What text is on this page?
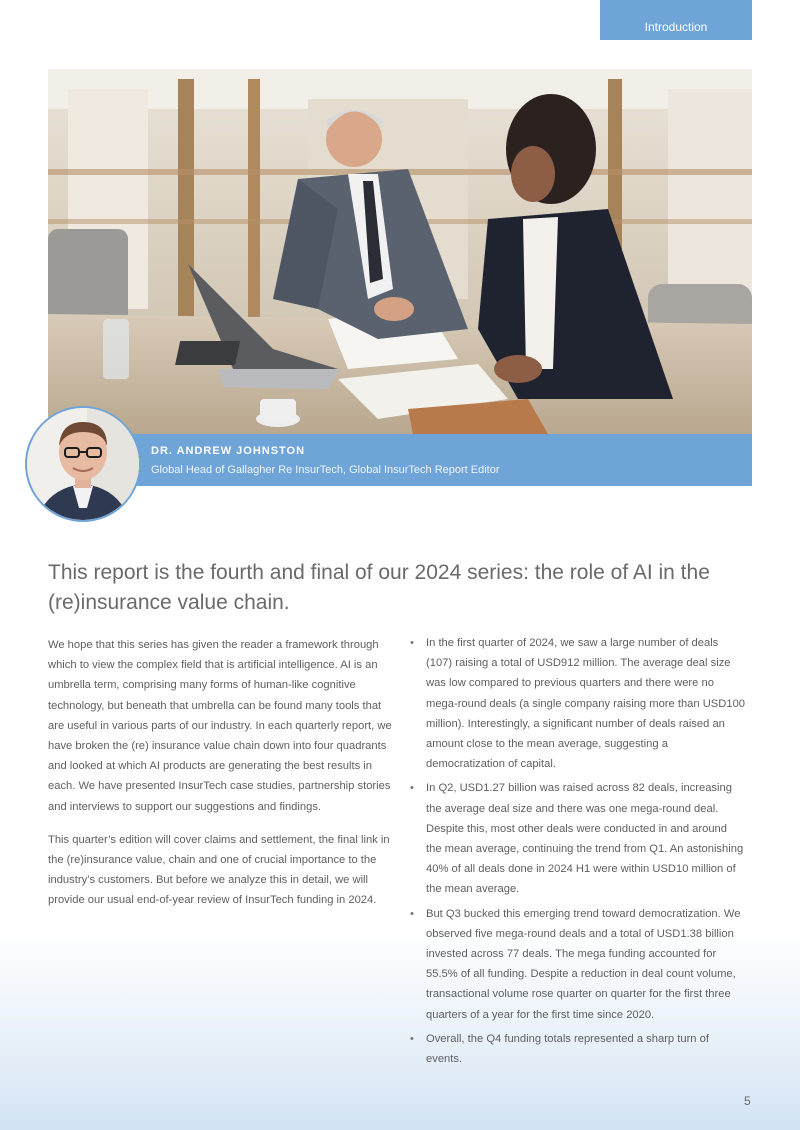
Introduction
DR. ANDREW JOHNSTON
Global Head of Gallagher Re InsurTech, Global InsurTech Report Editor
This report is the fourth and final of our 2024 series: the role of AI in the (re)insurance value chain.

We hope that this series has given the reader a framework through which to view the complex field that is artificial intelligence. AI is an umbrella term, comprising many forms of human-like cognitive technology, but beneath that umbrella can be found many tools that are useful in various parts of our industry. In each quarterly report, we have broken the (re) insurance value chain down into four quadrants and looked at which AI products are generating the best results in each. We have presented InsurTech case studies, partnership stories and interviews to support our suggestions and findings.

This quarter’s edition will cover claims and settlement, the final link in the (re)insurance value, chain and one of crucial importance to the industry’s customers. But before we analyze this in detail, we will provide our usual end-of-year review of InsurTech funding in 2024.

• In the first quarter of 2024, we saw a large number of deals (107) raising a total of USD912 million. The average deal size was low compared to previous quarters and there were no mega-round deals (a single company raising more than USD100 million). Interestingly, a significant number of deals raised an amount close to the mean average, suggesting a democratization of capital.
• In Q2, USD1.27 billion was raised across 82 deals, increasing the average deal size and there was one mega-round deal. Despite this, most other deals were conducted in and around the mean average, continuing the trend from Q1. An astonishing 40% of all deals done in 2024 H1 were within USD10 million of the mean average.
• But Q3 bucked this emerging trend toward democratization. We observed five mega-round deals and a total of USD1.38 billion invested across 77 deals. The mega funding accounted for 55.5% of all funding. Despite a reduction in deal count volume, transactional volume rose quarter on quarter for the first three quarters of a year for the first time since 2020.
• Overall, the Q4 funding totals represented a sharp turn of events.
5
